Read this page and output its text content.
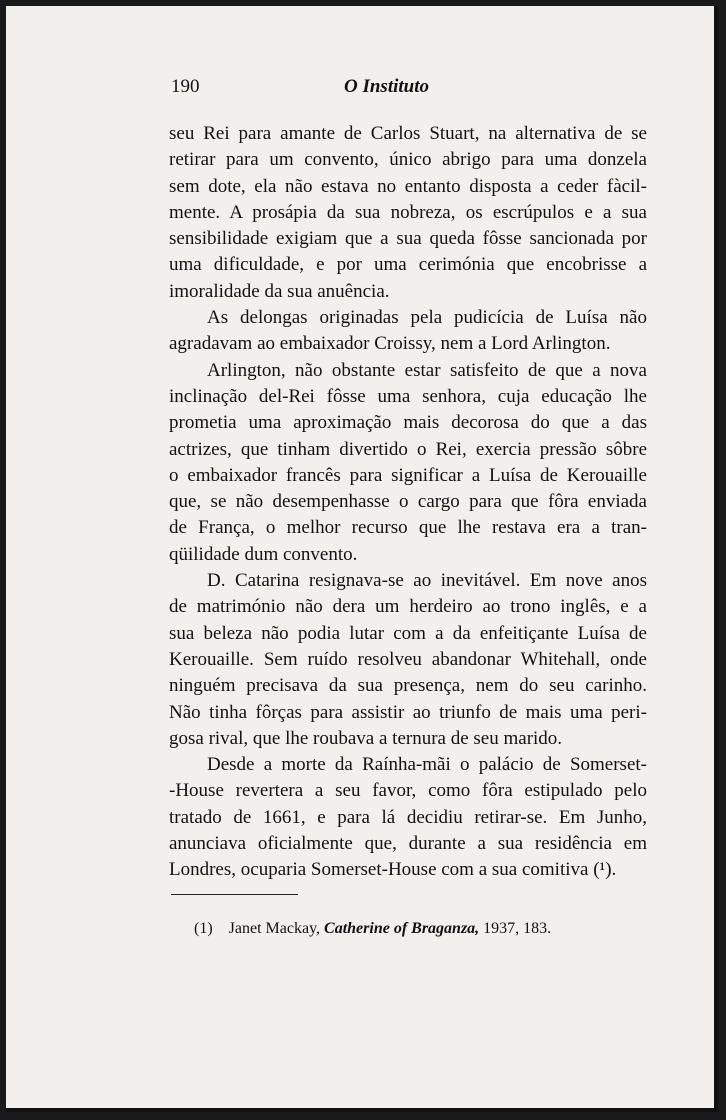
190	O Instituto
seu Rei para amante de Carlos Stuart, na alternativa de se
retirar para um convento, único abrigo para uma donzela
sem dote, ela não estava no entanto disposta a ceder fàcil-
mente. A prosápia da sua nobreza, os escrúpulos e a sua
sensibilidade exigiam que a sua queda fôsse sancionada por
uma dificuldade, e por uma cerimónia que encobrisse a
imoralidade da sua anuência.
As delongas originadas pela pudicícia de Luísa não
agradavam ao embaixador Croissy, nem a Lord Arlington.
Arlington, não obstante estar satisfeito de que a nova
inclinação del-Rei fôsse uma senhora, cuja educação lhe
prometia uma aproximação mais decorosa do que a das
actrizes, que tinham divertido o Rei, exercia pressão sôbre
o embaixador francês para significar a Luísa de Kerouaille
que, se não desempenhasse o cargo para que fôra enviada
de França, o melhor recurso que lhe restava era a tran-
qüilidade dum convento.
D. Catarina resignava-se ao inevitável. Em nove anos
de matrimónio não dera um herdeiro ao trono inglês, e a
sua beleza não podia lutar com a da enfeitiçante Luísa de
Kerouaille. Sem ruído resolveu abandonar Whitehall, onde
ninguém precisava da sua presença, nem do seu carinho.
Não tinha fôrças para assistir ao triunfo de mais uma peri-
gosa rival, que lhe roubava a ternura de seu marido.
Desde a morte da Raínha-mãi o palácio de Somerset-
-House revertera a seu favor, como fôra estipulado pelo
tratado de 1661, e para lá decidiu retirar-se. Em Junho,
anunciava oficialmente que, durante a sua residência em
Londres, ocuparia Somerset-House com a sua comitiva (¹).
(1) Janet Mackay, Catherine of Braganza, 1937, 183.
